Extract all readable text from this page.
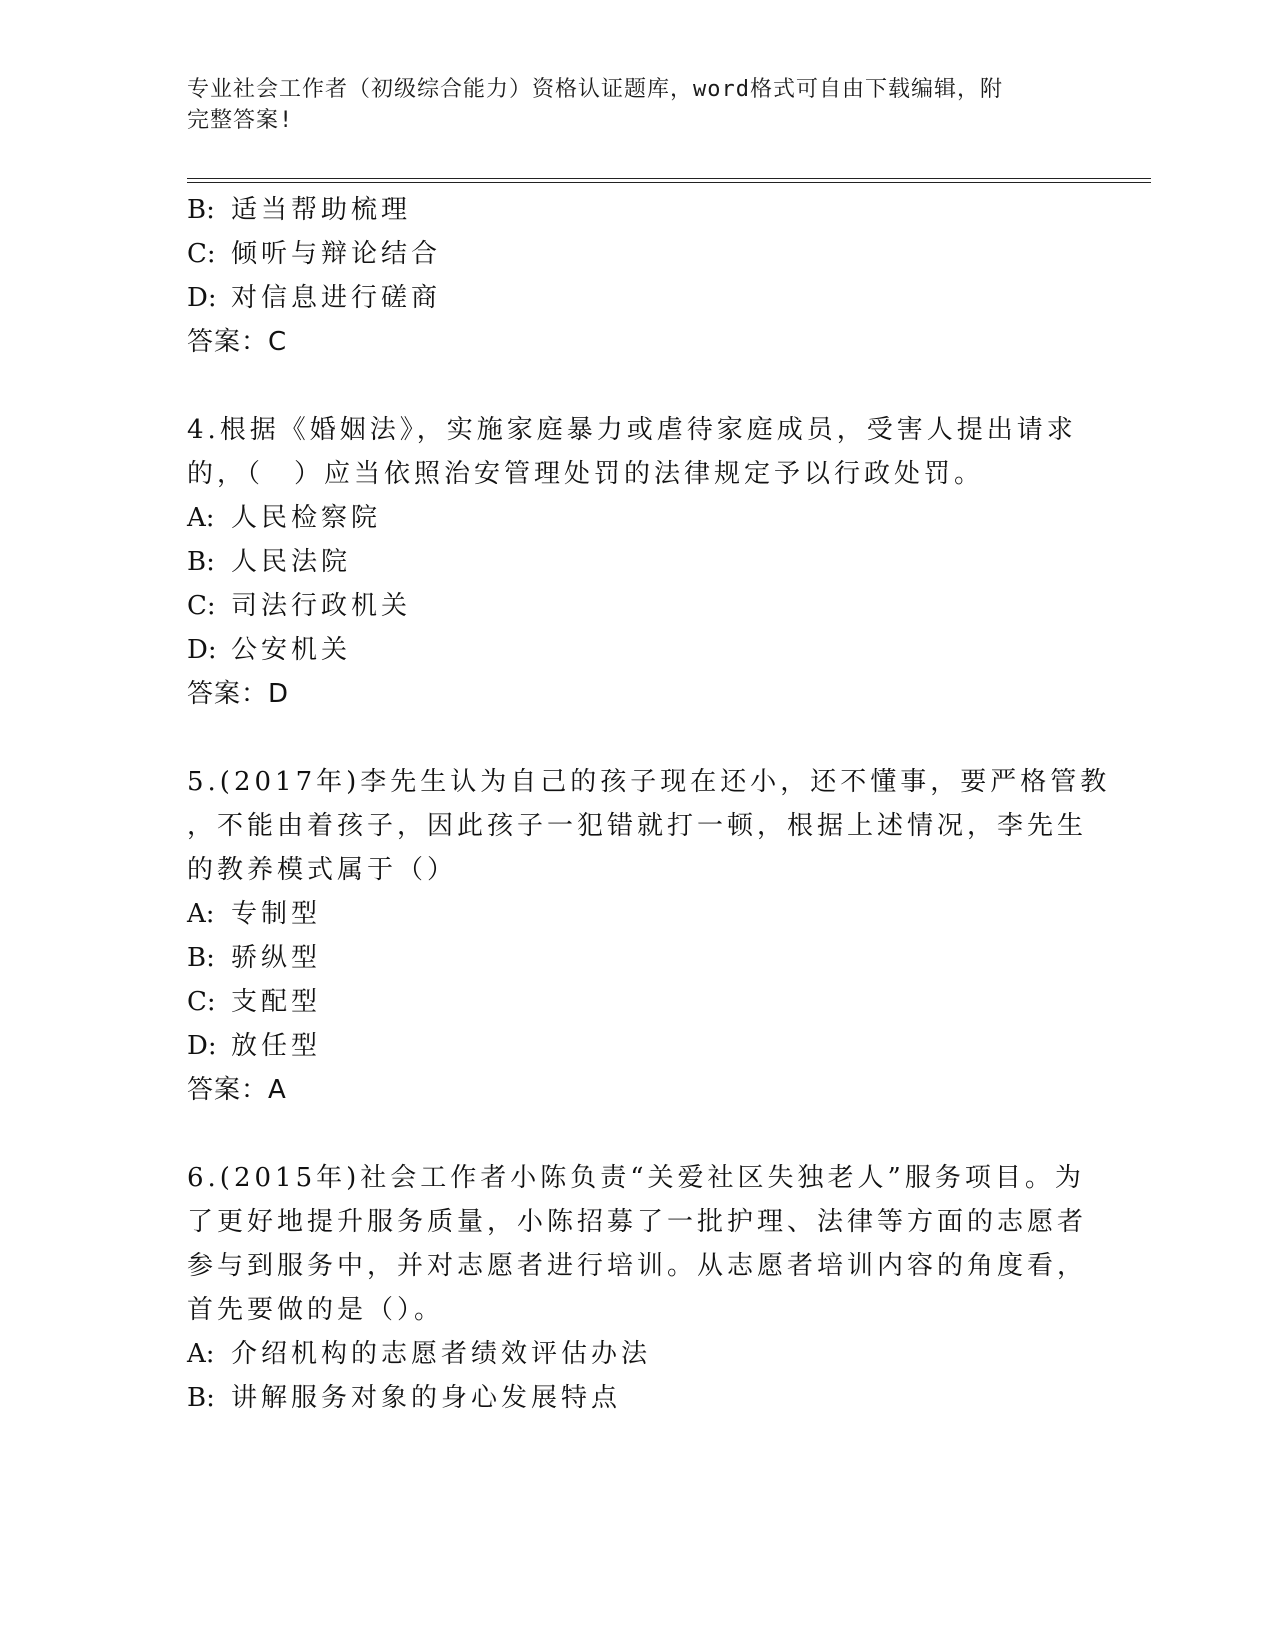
专业社会工作者（初级综合能力）资格认证题库，word格式可自由下载编辑，附
完整答案!
B: 适当帮助梳理
C: 倾听与辩论结合
D: 对信息进行磋商
答案：C
4.根据《婚姻法》，实施家庭暴力或虐待家庭成员，受害人提出请求
的，（　）应当依照治安管理处罚的法律规定予以行政处罚。
A: 人民检察院
B: 人民法院
C: 司法行政机关
D: 公安机关
答案：D
5.(2017年)李先生认为自己的孩子现在还小，还不懂事，要严格管教
，不能由着孩子，因此孩子一犯错就打一顿，根据上述情况，李先生
的教养模式属于（）
A: 专制型
B: 骄纵型
C: 支配型
D: 放任型
答案：A
6.(2015年)社会工作者小陈负责“关爱社区失独老人”服务项目。为
了更好地提升服务质量，小陈招募了一批护理、法律等方面的志愿者
参与到服务中，并对志愿者进行培训。从志愿者培训内容的角度看，
首先要做的是（）。
A: 介绍机构的志愿者绩效评估办法
B: 讲解服务对象的身心发展特点
